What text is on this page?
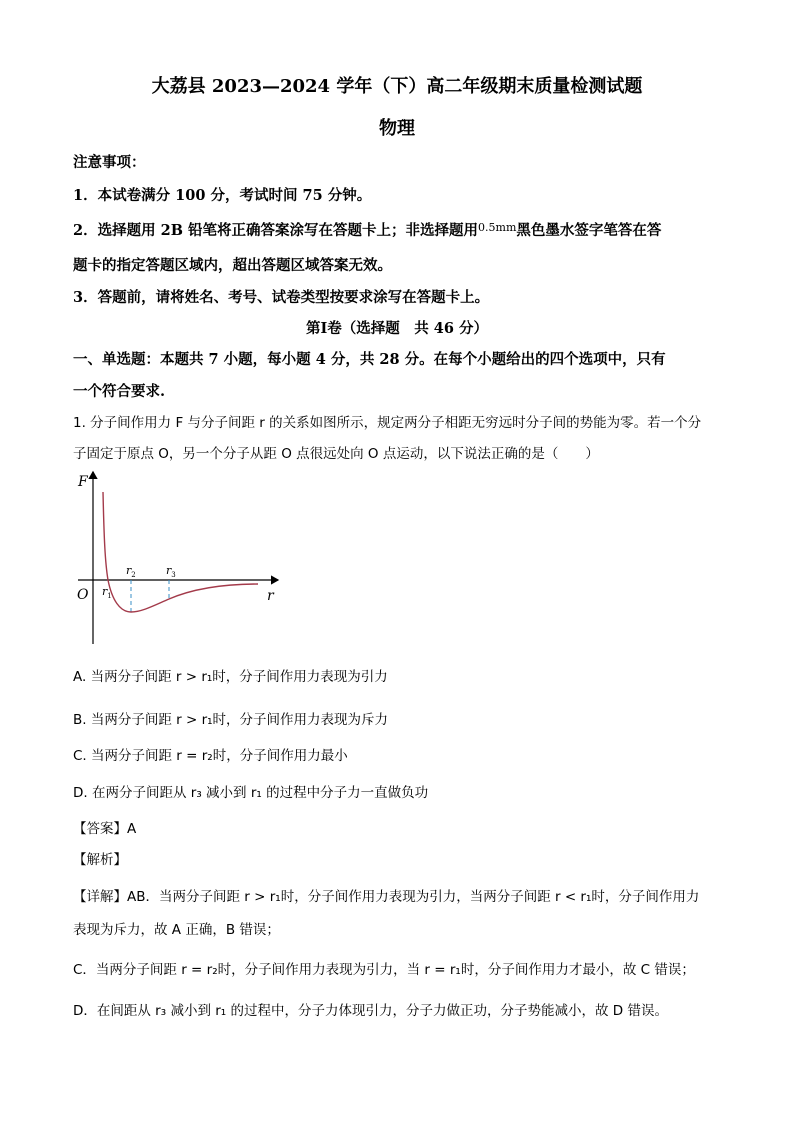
大荔县 2023—2024 学年（下）高二年级期末质量检测试题
物理
注意事项：
1．本试卷满分 100 分，考试时间 75 分钟。
2．选择题用 2B 铅笔将正确答案涂写在答题卡上；非选择题用$^{0.5mm}$黑色墨水签字笔答在答
题卡的指定答题区域内，超出答题区域答案无效。
3．答题前，请将姓名、考号、试卷类型按要求涂写在答题卡上。
第Ⅰ卷（选择题　共 46 分）
一、单选题：本题共 7 小题，每小题 4 分，共 28 分。在每个小题给出的四个选项中，只有
一个符合要求.
1. 分子间作用力 F 与分子间距 r 的关系如图所示，规定两分子相距无穷远时分子间的势能为零。若一个分
子固定于原点 O，另一个分子从距 O 点很远处向 O 点运动，以下说法正确的是（　　）
F
r
O $r_1$
$r_2$	$r_3$
A. 当两分子间距 r > r₁时，分子间作用力表现为引力
B. 当两分子间距 r > r₁时，分子间作用力表现为斥力
C. 当两分子间距 r = r₂时，分子间作用力最小
D. 在两分子间距从 r₃ 减小到 r₁ 的过程中分子力一直做负功
【答案】A
【解析】
【详解】AB．当两分子间距 r > r₁时，分子间作用力表现为引力，当两分子间距 r < r₁时，分子间作用力
表现为斥力，故 A 正确，B 错误；
C．当两分子间距 r = r₂时，分子间作用力表现为引力，当 r = r₁时，分子间作用力才最小，故 C 错误；
D．在间距从 r₃ 减小到 r₁ 的过程中，分子力体现引力，分子力做正功，分子势能减小，故 D 错误。
